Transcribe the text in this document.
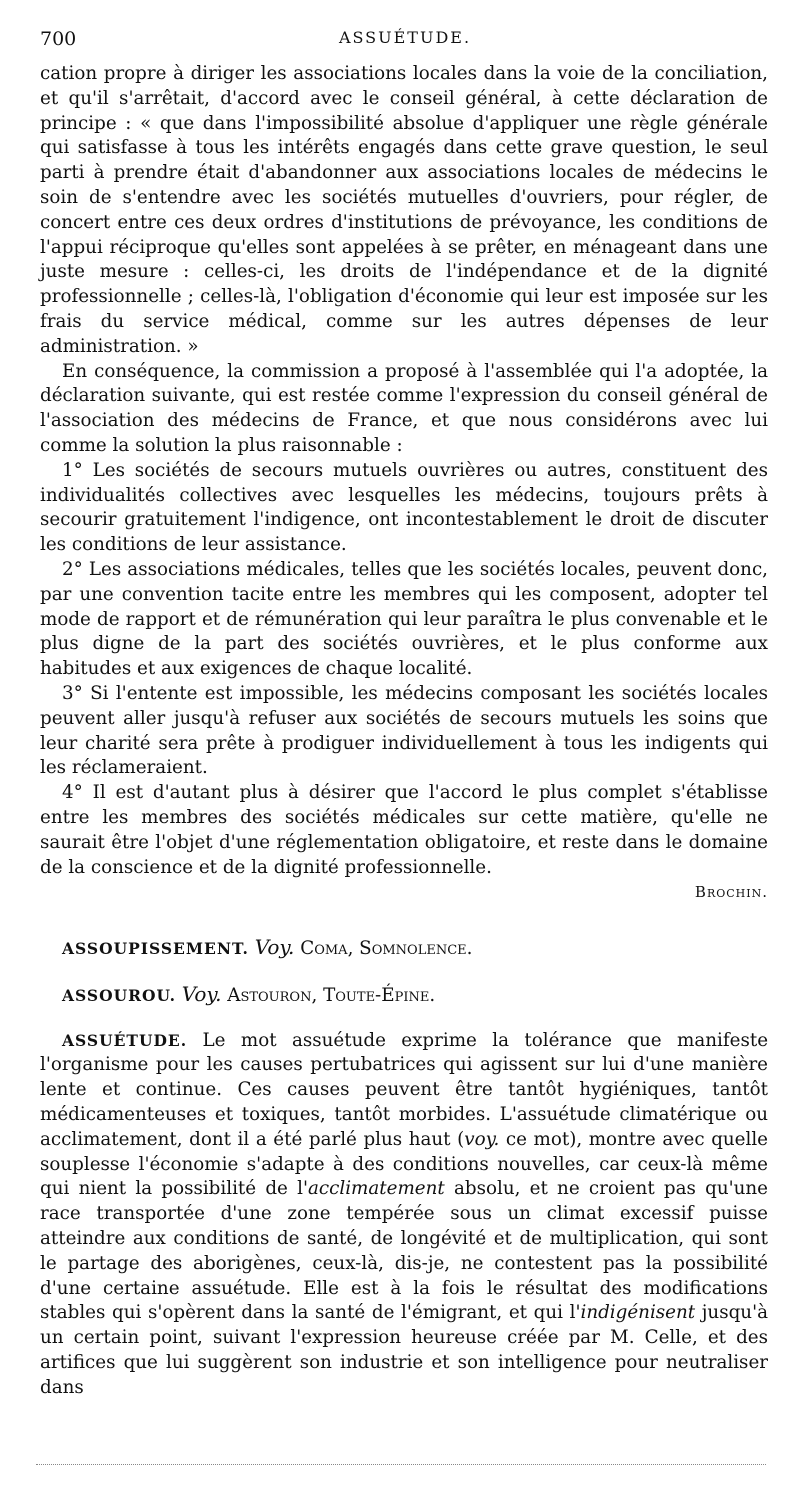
700	ASSUÉTUDE.

cation propre à diriger les associations locales dans la voie de la conciliation, et qu'il s'arrêtait, d'accord avec le conseil général, à cette déclaration de principe : « que dans l'impossibilité absolue d'appliquer une règle générale qui satisfasse à tous les intérêts engagés dans cette grave question, le seul parti à prendre était d'abandonner aux associations locales de médecins le soin de s'entendre avec les sociétés mutuelles d'ouvriers, pour régler, de concert entre ces deux ordres d'institutions de prévoyance, les conditions de l'appui réciproque qu'elles sont appelées à se prêter, en ménageant dans une juste mesure : celles-ci, les droits de l'indépendance et de la dignité professionnelle ; celles-là, l'obligation d'économie qui leur est imposée sur les frais du service médical, comme sur les autres dépenses de leur administration. »

En conséquence, la commission a proposé à l'assemblée qui l'a adoptée, la déclaration suivante, qui est restée comme l'expression du conseil général de l'association des médecins de France, et que nous considérons avec lui comme la solution la plus raisonnable :

1° Les sociétés de secours mutuels ouvrières ou autres, constituent des individualités collectives avec lesquelles les médecins, toujours prêts à secourir gratuitement l'indigence, ont incontestablement le droit de discuter les conditions de leur assistance.

2° Les associations médicales, telles que les sociétés locales, peuvent donc, par une convention tacite entre les membres qui les composent, adopter tel mode de rapport et de rémunération qui leur paraîtra le plus convenable et le plus digne de la part des sociétés ouvrières, et le plus conforme aux habitudes et aux exigences de chaque localité.

3° Si l'entente est impossible, les médecins composant les sociétés locales peuvent aller jusqu'à refuser aux sociétés de secours mutuels les soins que leur charité sera prête à prodiguer individuellement à tous les indigents qui les réclameraient.

4° Il est d'autant plus à désirer que l'accord le plus complet s'établisse entre les membres des sociétés médicales sur cette matière, qu'elle ne saurait être l'objet d'une réglementation obligatoire, et reste dans le domaine de la conscience et de la dignité professionnelle.

Brochin.

ASSOUPISSEMENT. Voy. Coma, Somnolence.

ASSOUROU. Voy. Astouron, Toute-Épine.

ASSUÉTUDE. Le mot assuétude exprime la tolérance que manifeste l'organisme pour les causes pertubatrices qui agissent sur lui d'une manière lente et continue. Ces causes peuvent être tantôt hygiéniques, tantôt médicamenteuses et toxiques, tantôt morbides. L'assuétude climatérique ou acclimatement, dont il a été parlé plus haut (voy. ce mot), montre avec quelle souplesse l'économie s'adapte à des conditions nouvelles, car ceux-là même qui nient la possibilité de l'acclimatement absolu, et ne croient pas qu'une race transportée d'une zone tempérée sous un climat excessif puisse atteindre aux conditions de santé, de longévité et de multiplication, qui sont le partage des aborigènes, ceux-là, dis-je, ne contestent pas la possibilité d'une certaine assuétude. Elle est à la fois le résultat des modifications stables qui s'opèrent dans la santé de l'émigrant, et qui l'indigénisent jusqu'à un certain point, suivant l'expression heureuse créée par M. Celle, et des artifices que lui suggèrent son industrie et son intelligence pour neutraliser dans
